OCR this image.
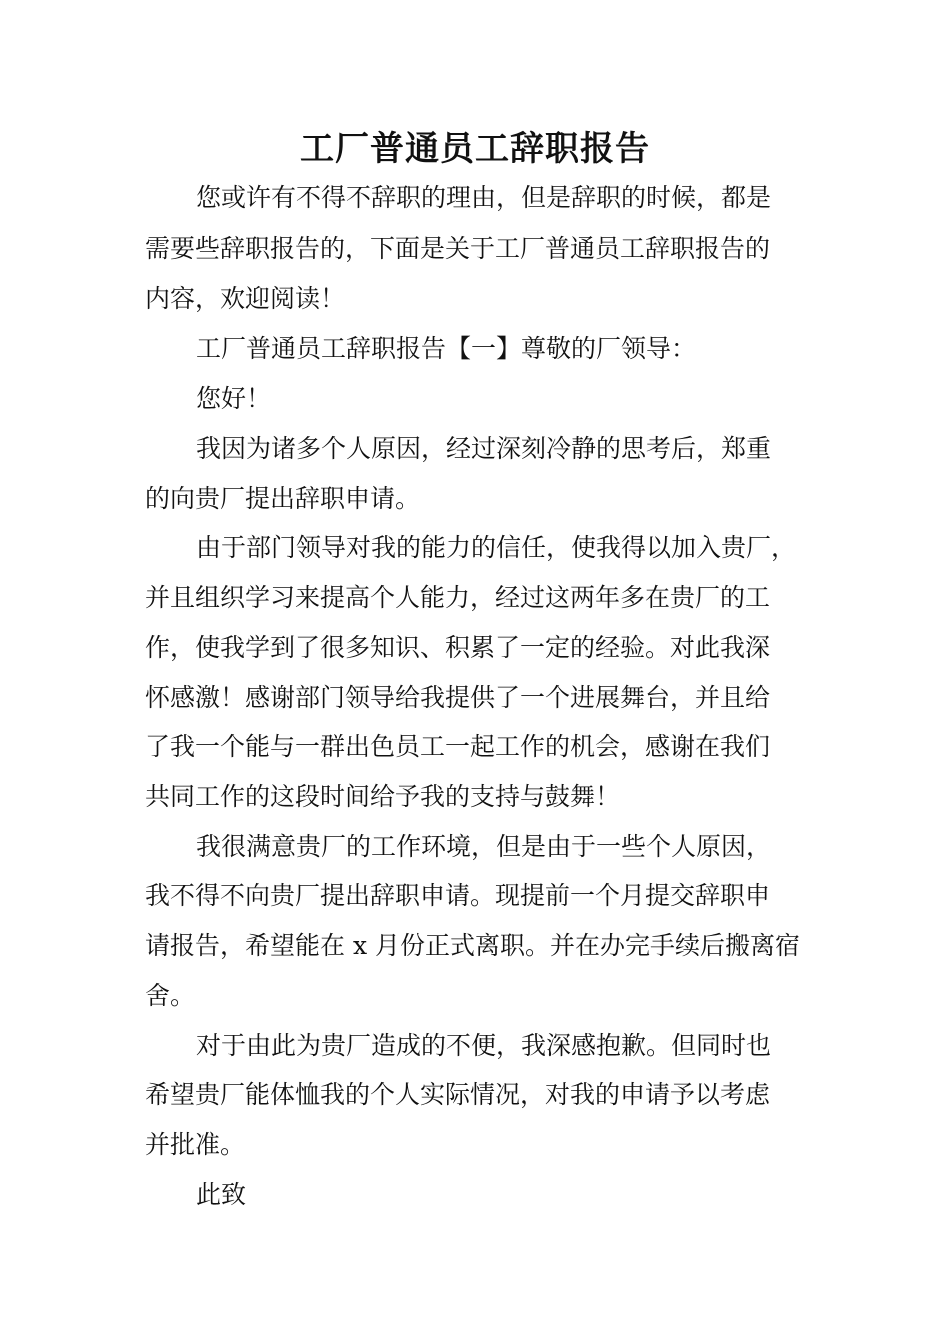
工厂普通员工辞职报告

您或许有不得不辞职的理由，但是辞职的时候，都是

需要些辞职报告的，下面是关于工厂普通员工辞职报告的

内容，欢迎阅读！

工厂普通员工辞职报告【一】尊敬的厂领导：

您好！

我因为诸多个人原因，经过深刻冷静的思考后，郑重

的向贵厂提出辞职申请。

由于部门领导对我的能力的信任，使我得以加入贵厂，

并且组织学习来提高个人能力，经过这两年多在贵厂的工

作，使我学到了很多知识、积累了一定的经验。对此我深

怀感激！感谢部门领导给我提供了一个进展舞台，并且给

了我一个能与一群出色员工一起工作的机会，感谢在我们

共同工作的这段时间给予我的支持与鼓舞！

我很满意贵厂的工作环境，但是由于一些个人原因，

我不得不向贵厂提出辞职申请。现提前一个月提交辞职申

请报告，希望能在 x 月份正式离职。并在办完手续后搬离宿

舍。

对于由此为贵厂造成的不便，我深感抱歉。但同时也

希望贵厂能体恤我的个人实际情况，对我的申请予以考虑

并批准。

此致
